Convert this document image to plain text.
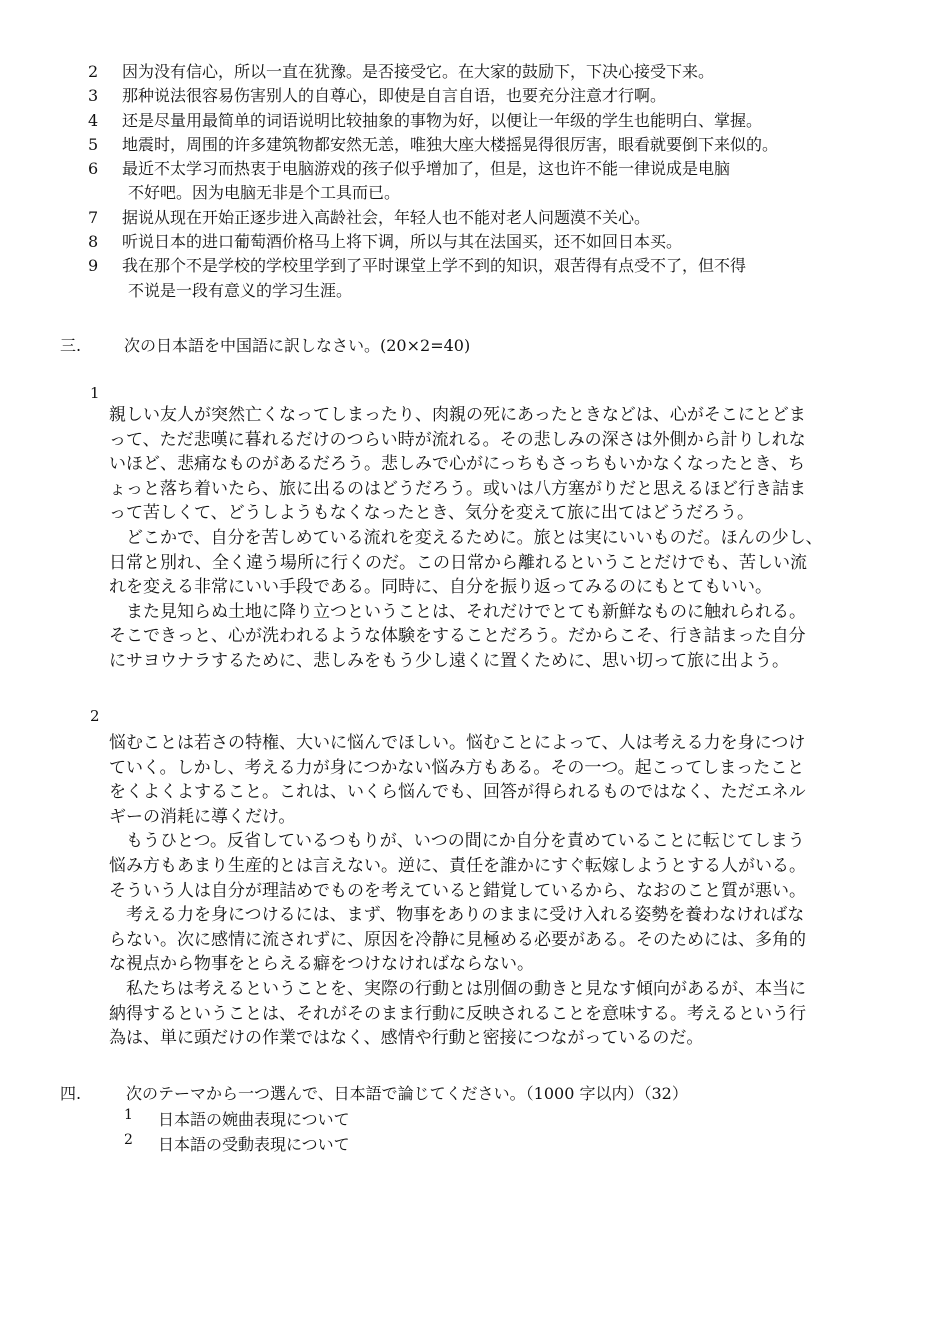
2	因为没有信心，所以一直在犹豫。是否接受它。在大家的鼓励下，下决心接受下来。
3	那种说法很容易伤害别人的自尊心，即使是自言自语，也要充分注意才行啊。
4	还是尽量用最简单的词语说明比较抽象的事物为好，以便让一年级的学生也能明白、掌握。
5	地震时，周围的许多建筑物都安然无恙，唯独大座大楼摇晃得很厉害，眼看就要倒下来似的。
6	最近不太学习而热衷于电脑游戏的孩子似乎增加了，但是，这也许不能一律说成是电脑
不好吧。因为电脑无非是个工具而已。
7	据说从现在开始正逐步进入高龄社会，年轻人也不能对老人问题漠不关心。
8	听说日本的进口葡萄酒价格马上将下调，所以与其在法国买，还不如回日本买。
9	我在那个不是学校的学校里学到了平时课堂上学不到的知识，艰苦得有点受不了，但不得
不说是一段有意义的学习生涯。
三.	次の日本語を中国語に訳しなさい。(20×2=40)
1
親しい友人が突然亡くなってしまったり、肉親の死にあったときなどは、心がそこにとどま
って、ただ悲嘆に暮れるだけのつらい時が流れる。その悲しみの深さは外側から計りしれな
いほど、悲痛なものがあるだろう。悲しみで心がにっちもさっちもいかなくなったとき、ち
ょっと落ち着いたら、旅に出るのはどうだろう。或いは八方塞がりだと思えるほど行き詰ま
って苦しくて、どうしようもなくなったとき、気分を変えて旅に出てはどうだろう。
　どこかで、自分を苦しめている流れを変えるために。旅とは実にいいものだ。ほんの少し、
日常と別れ、全く違う場所に行くのだ。この日常から離れるということだけでも、苦しい流
れを変える非常にいい手段である。同時に、自分を振り返ってみるのにもとてもいい。
　また見知らぬ土地に降り立つということは、それだけでとても新鮮なものに触れられる。
そこできっと、心が洗われるような体験をすることだろう。だからこそ、行き詰まった自分
にサヨウナラするために、悲しみをもう少し遠くに置くために、思い切って旅に出よう。
2
悩むことは若さの特権、大いに悩んでほしい。悩むことによって、人は考える力を身につけ
ていく。しかし、考える力が身につかない悩み方もある。その一つ。起こってしまったこと
をくよくよすること。これは、いくら悩んでも、回答が得られるものではなく、ただエネル
ギーの消耗に導くだけ。
　もうひとつ。反省しているつもりが、いつの間にか自分を責めていることに転じてしまう
悩み方もあまり生産的とは言えない。逆に、責任を誰かにすぐ転嫁しようとする人がいる。
そういう人は自分が理詰めでものを考えていると錯覚しているから、なおのこと質が悪い。
　考える力を身につけるには、まず、物事をありのままに受け入れる姿勢を養わなければな
らない。次に感情に流されずに、原因を冷静に見極める必要がある。そのためには、多角的
な視点から物事をとらえる癖をつけなければならない。
　私たちは考えるということを、実際の行動とは別個の動きと見なす傾向があるが、本当に
納得するということは、それがそのまま行動に反映されることを意味する。考えるという行
為は、単に頭だけの作業ではなく、感情や行動と密接につながっているのだ。
四.	次のテーマから一つ選んで、日本語で論じてください。（1000 字以内）（32）
1 日本語の婉曲表現について
2 日本語の受動表現について
